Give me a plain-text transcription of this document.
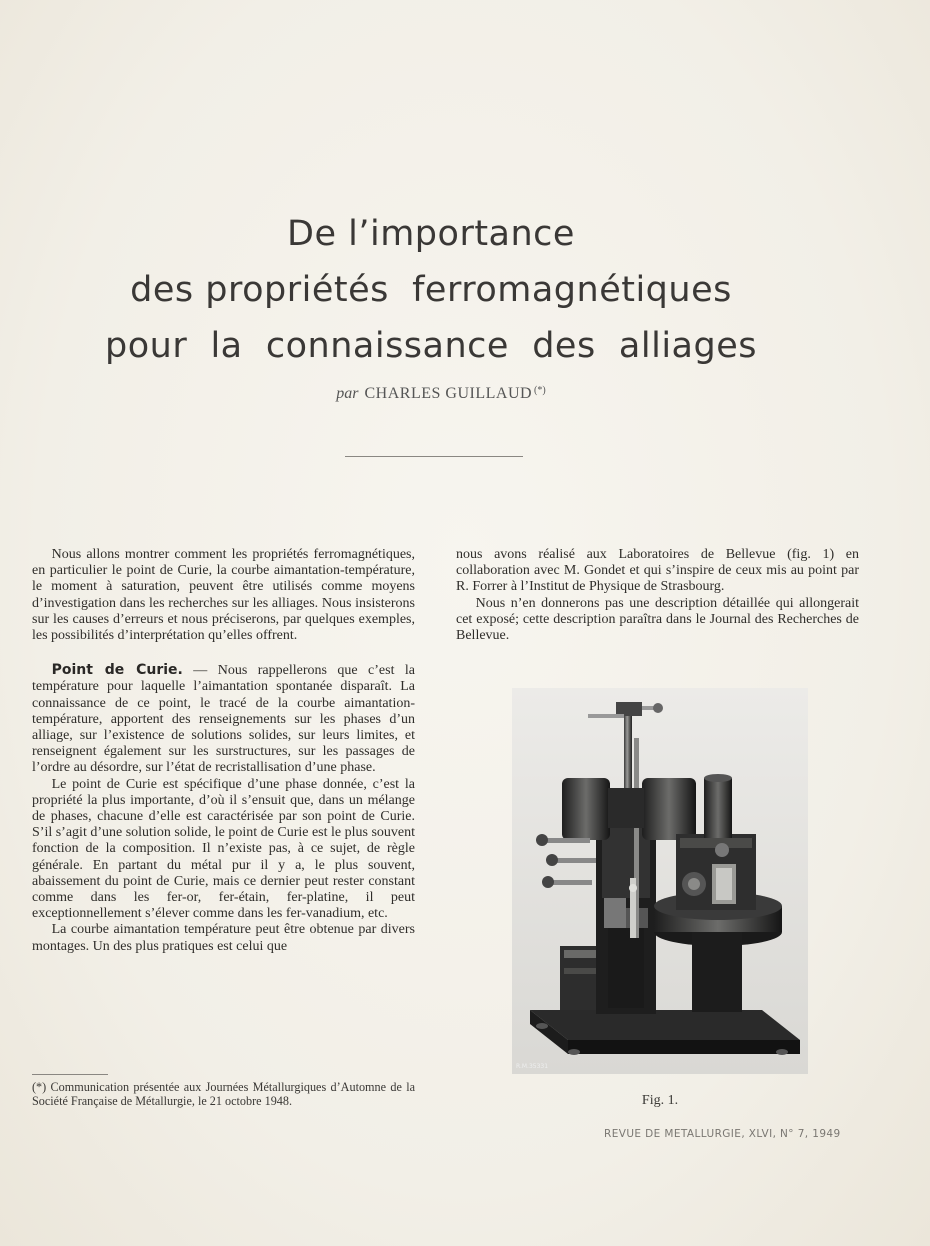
De l’importance
des propriétés  ferromagnétiques
pour  la  connaissance  des  alliages
par CHARLES GUILLAUD (*)

Nous allons montrer comment les propriétés ferromagnétiques, en particulier le point de Curie, la courbe aimantation-température, le moment à saturation, peuvent être utilisés comme moyens d’investigation dans les recherches sur les alliages. Nous insisterons sur les causes d’erreurs et nous préciserons, par quelques exemples, les possibilités d’interprétation qu’elles offrent.

Point de Curie. — Nous rappellerons que c’est la température pour laquelle l’aimantation spontanée disparaît. La connaissance de ce point, le tracé de la courbe aimantation-température, apportent des renseignements sur les phases d’un alliage, sur l’existence de solutions solides, sur leurs limites, et renseignent également sur les surstructures, sur les passages de l’ordre au désordre, sur l’état de recristallisation d’une phase.

Le point de Curie est spécifique d’une phase donnée, c’est la propriété la plus importante, d’où il s’ensuit que, dans un mélange de phases, chacune d’elle est caractérisée par son point de Curie. S’il s’agit d’une solution solide, le point de Curie est le plus souvent fonction de la composition. Il n’existe pas, à ce sujet, de règle générale. En partant du métal pur il y a, le plus souvent, abaissement du point de Curie, mais ce dernier peut rester constant comme dans les fer-or, fer-étain, fer-platine, il peut exceptionnellement s’élever comme dans les fer-vanadium, etc.

La courbe aimantation température peut être obtenue par divers montages. Un des plus pratiques est celui que

nous avons réalisé aux Laboratoires de Bellevue (fig. 1) en collaboration avec M. Gondet et qui s’inspire de ceux mis au point par R. Forrer à l’Institut de Physique de Strasbourg.

Nous n’en donnerons pas une description détaillée qui allongerait cet exposé; cette description paraîtra dans le Journal des Recherches de Bellevue.

(*) Communication présentée aux Journées Métallurgiques d’Automne de la Société Française de Métallurgie, le 21 octobre 1948.
R.M.35331
Fig. 1.
REVUE DE METALLURGIE, XLVI, N° 7, 1949
